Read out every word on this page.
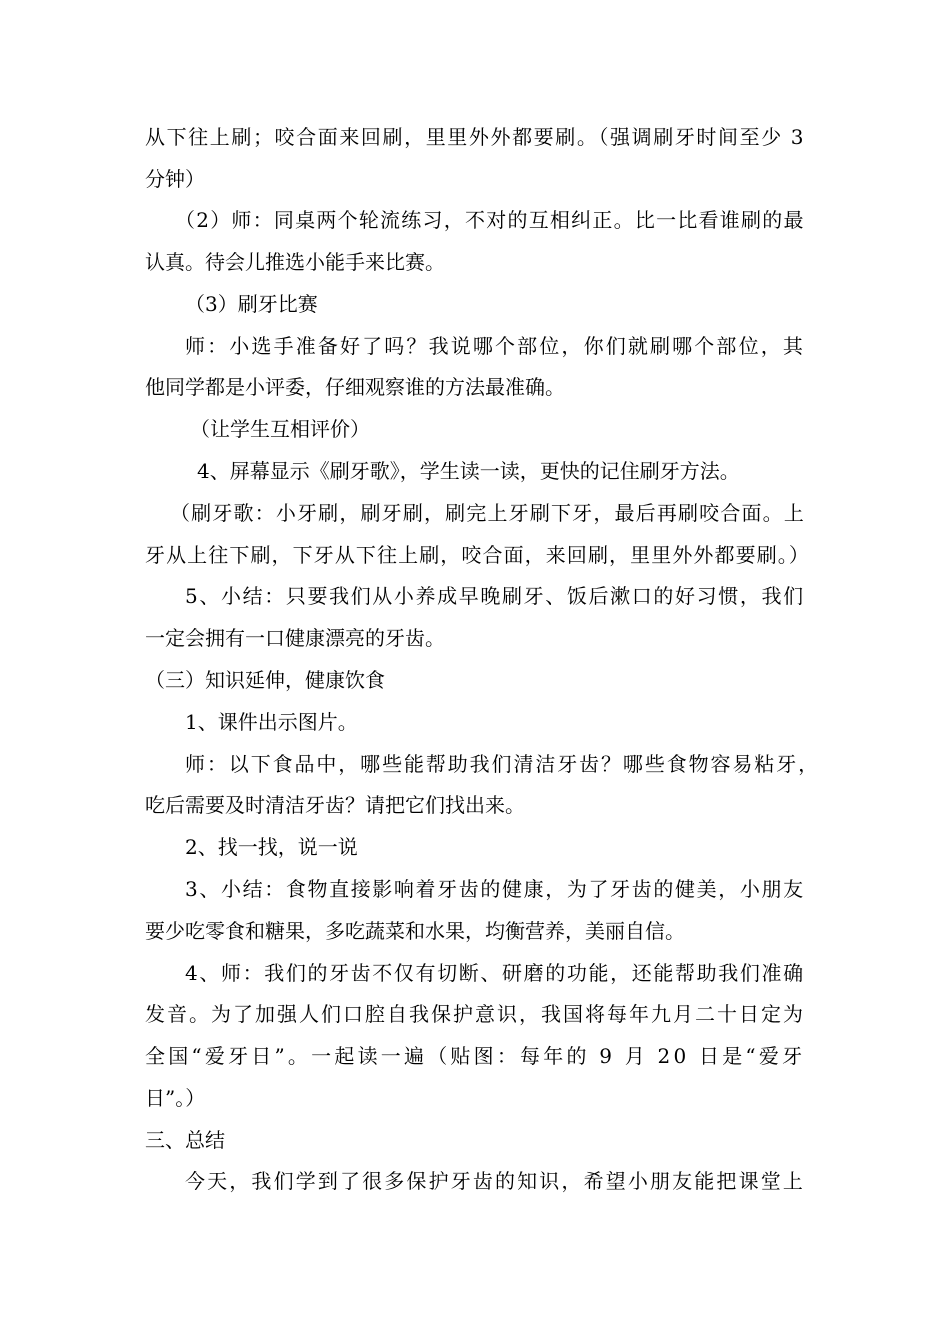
从下往上刷；咬合面来回刷，里里外外都要刷。（强调刷牙时间至少 3
分钟）
（2）师：同桌两个轮流练习，不对的互相纠正。比一比看谁刷的最
认真。待会儿推选小能手来比赛。
（3）刷牙比赛
师：小选手准备好了吗？我说哪个部位，你们就刷哪个部位，其
他同学都是小评委，仔细观察谁的方法最准确。
（让学生互相评价）
4、屏幕显示《刷牙歌》，学生读一读，更快的记住刷牙方法。
（刷牙歌：小牙刷，刷牙刷，刷完上牙刷下牙，最后再刷咬合面。上
牙从上往下刷，下牙从下往上刷，咬合面，来回刷，里里外外都要刷。）
5、小结：只要我们从小养成早晚刷牙、饭后漱口的好习惯，我们
一定会拥有一口健康漂亮的牙齿。
（三）知识延伸，健康饮食
1、课件出示图片。
师：以下食品中，哪些能帮助我们清洁牙齿？哪些食物容易粘牙，
吃后需要及时清洁牙齿？请把它们找出来。
2、找一找，说一说
3、小结：食物直接影响着牙齿的健康，为了牙齿的健美，小朋友
要少吃零食和糖果，多吃蔬菜和水果，均衡营养，美丽自信。
4、师：我们的牙齿不仅有切断、研磨的功能，还能帮助我们准确
发音。为了加强人们口腔自我保护意识，我国将每年九月二十日定为
全国“爱牙日”。一起读一遍（贴图：每年的 9 月 20 日是“爱牙
日”。）
三、总结
今天，我们学到了很多保护牙齿的知识，希望小朋友能把课堂上
